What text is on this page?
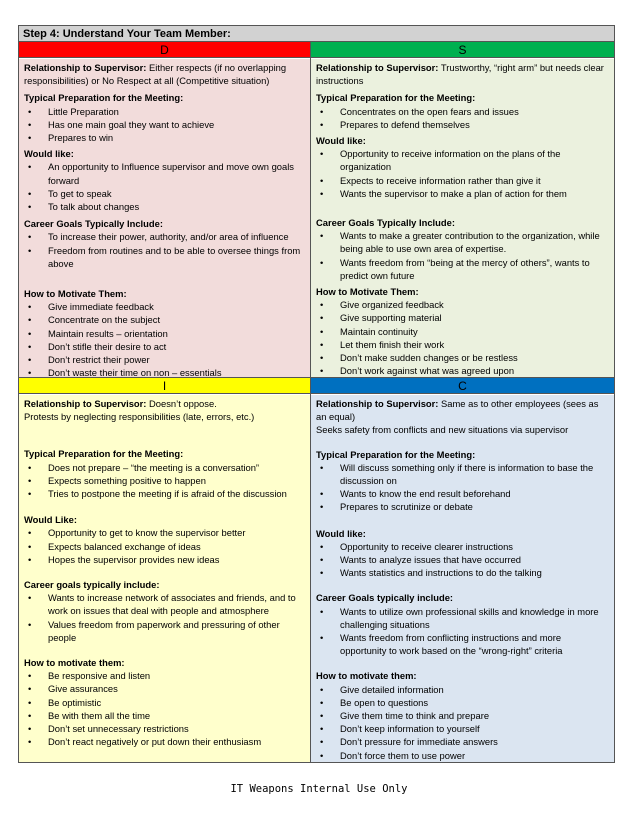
Step 4: Understand Your Team Member:
D	S
Relationship to Supervisor: Either respects (if no overlapping responsibilities) or No Respect at all (Competitive situation)
Typical Preparation for the Meeting:
• Little Preparation
• Has one main goal they want to achieve
• Prepares to win
Would like:
• An opportunity to Influence supervisor and move own goals forward
• To get to speak
• To talk about changes
Career Goals Typically Include:
• To increase their power, authority, and/or area of influence
• Freedom from routines and to be able to oversee things from above
How to Motivate Them:
• Give immediate feedback
• Concentrate on the subject
• Maintain results – orientation
• Don’t stifle their desire to act
• Don’t restrict their power
• Don’t waste their time on non – essentials
Relationship to Supervisor: Trustworthy, “right arm” but needs clear instructions
Typical Preparation for the Meeting:
• Concentrates on the open fears and issues
• Prepares to defend themselves
Would like:
• Opportunity to receive information on the plans of the organization
• Expects to receive information rather than give it
• Wants the supervisor to make a plan of action for them
Career Goals Typically Include:
• Wants to make a greater contribution to the organization, while being able to use own area of expertise.
• Wants freedom from “being at the mercy of others”, wants to predict own future
How to Motivate Them:
• Give organized feedback
• Give supporting material
• Maintain continuity
• Let them finish their work
• Don’t make sudden changes or be restless
• Don’t work against what was agreed upon
I	C
Relationship to Supervisor: Doesn’t oppose.
Protests by neglecting responsibilities (late, errors, etc.)
Typical Preparation for the Meeting:
• Does not prepare – “the meeting is a conversation”
• Expects something positive to happen
• Tries to postpone the meeting if is afraid of the discussion
Would Like:
• Opportunity to get to know the supervisor better
• Expects balanced exchange of ideas
• Hopes the supervisor provides new ideas
Career goals typically include:
• Wants to increase network of associates and friends, and to work on issues that deal with people and atmosphere
• Values freedom from paperwork and pressuring of other people
How to motivate them:
• Be responsive and listen
• Give assurances
• Be optimistic
• Be with them all the time
• Don’t set unnecessary restrictions
• Don’t react negatively or put down their enthusiasm
Relationship to Supervisor: Same as to other employees (sees as an equal)
Seeks safety from conflicts and new situations via supervisor
Typical Preparation for the Meeting:
• Will discuss something only if there is information to base the discussion on
• Wants to know the end result beforehand
• Prepares to scrutinize or debate
Would like:
• Opportunity to receive clearer instructions
• Wants to analyze issues that have occurred
• Wants statistics and instructions to do the talking
Career Goals typically include:
• Wants to utilize own professional skills and knowledge in more challenging situations
• Wants freedom from conflicting instructions and more opportunity to work based on the “wrong-right” criteria
How to motivate them:
• Give detailed information
• Be open to questions
• Give them time to think and prepare
• Don’t keep information to yourself
• Don’t pressure for immediate answers
• Don’t force them to use power
IT Weapons Internal Use Only
